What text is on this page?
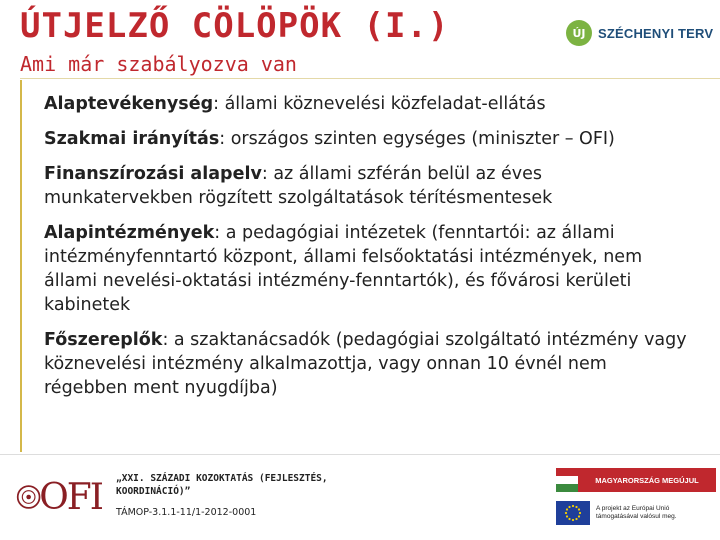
ÚTJELZŐ CÖLÖPÖK (I.)
Ami már szabályozva van
ÚJ SZÉCHENYI TERV

Alaptevékenység: állami köznevelési közfeladat-ellátás

Szakmai irányítás: országos szinten egységes (miniszter – OFI)

Finanszírozási alapelv: az állami szférán belül az éves munkatervekben rögzített szolgáltatások térítésmentesek

Alapintézmények: a pedagógiai intézetek (fenntartói: az állami intézményfenntartó központ, állami felsőoktatási intézmények, nem állami nevelési-oktatási intézmény-fenntartók), és fővárosi kerületi kabinetek

Főszereplők: a szaktanácsadók (pedagógiai szolgáltató intézmény vagy köznevelési intézmény alkalmazottja, vagy onnan 10 évnél nem régebben ment nyugdíjba)

OFI „XXI. SZÁZADI KOZOKTATÁS (FEJLESZTÉS, KOORDINÁCIÓ)”
TÁMOP-3.1.1-11/1-2012-0001
MAGYARORSZÁG MEGÚJUL
A projekt az Európai Unió
támogatásával valósul meg.
